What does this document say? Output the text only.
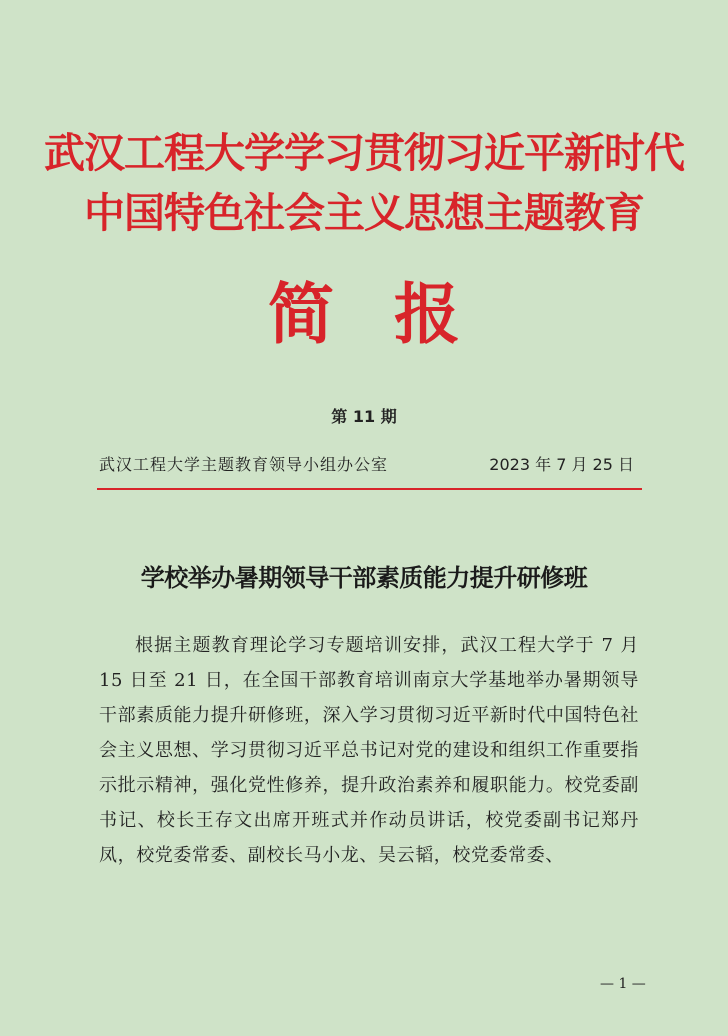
武汉工程大学学习贯彻习近平新时代
中国特色社会主义思想主题教育
简报
第 11 期
武汉工程大学主题教育领导小组办公室	2023 年 7 月 25 日
学校举办暑期领导干部素质能力提升研修班
根据主题教育理论学习专题培训安排，武汉工程大学于 7 月 15 日至 21 日，在全国干部教育培训南京大学基地举办暑期领导干部素质能力提升研修班，深入学习贯彻习近平新时代中国特色社会主义思想、学习贯彻习近平总书记对党的建设和组织工作重要指示批示精神，强化党性修养，提升政治素养和履职能力。校党委副书记、校长王存文出席开班式并作动员讲话，校党委副书记郑丹凤，校党委常委、副校长马小龙、吴云韬，校党委常委、
— 1 —
